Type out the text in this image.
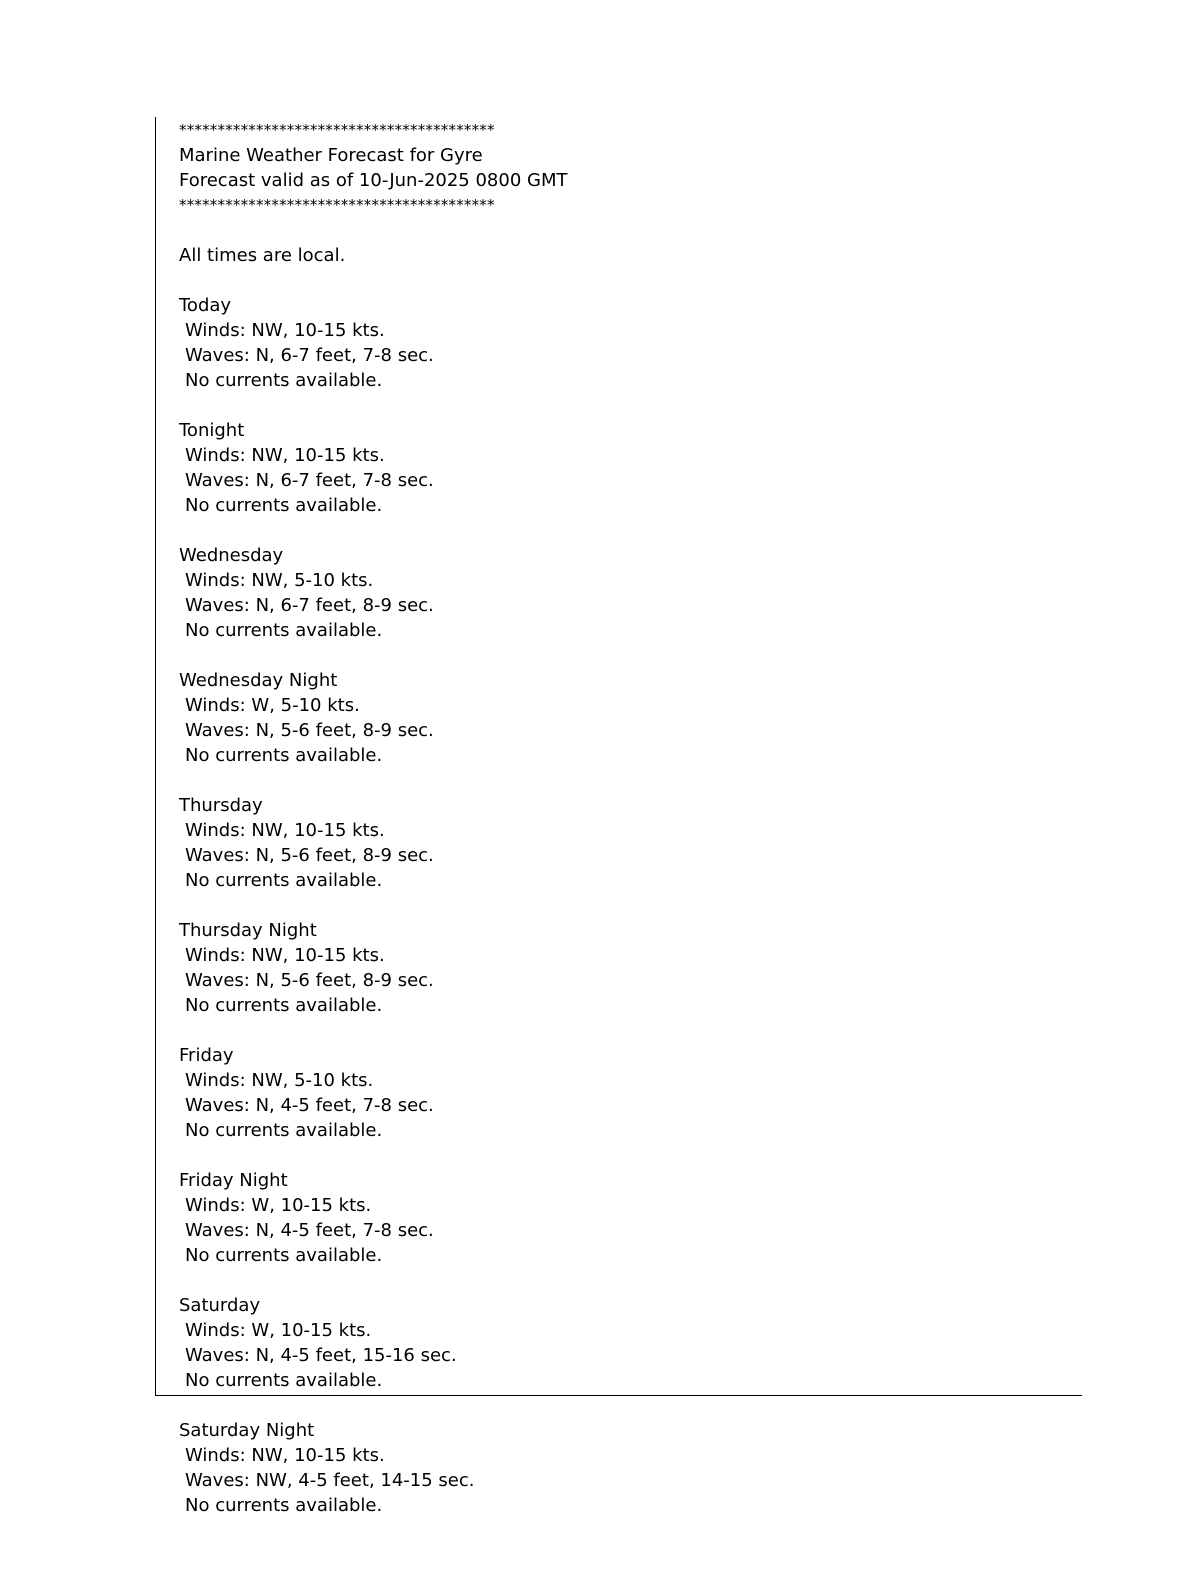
*****************************************
Marine Weather Forecast for Gyre
Forecast valid as of 10-Jun-2025 0800 GMT
*****************************************
All times are local.
Today
Winds: NW, 10-15 kts.
Waves: N, 6-7 feet, 7-8 sec.
No currents available.
Tonight
Winds: NW, 10-15 kts.
Waves: N, 6-7 feet, 7-8 sec.
No currents available.
Wednesday
Winds: NW, 5-10 kts.
Waves: N, 6-7 feet, 8-9 sec.
No currents available.
Wednesday Night
Winds: W, 5-10 kts.
Waves: N, 5-6 feet, 8-9 sec.
No currents available.
Thursday
Winds: NW, 10-15 kts.
Waves: N, 5-6 feet, 8-9 sec.
No currents available.
Thursday Night
Winds: NW, 10-15 kts.
Waves: N, 5-6 feet, 8-9 sec.
No currents available.
Friday
Winds: NW, 5-10 kts.
Waves: N, 4-5 feet, 7-8 sec.
No currents available.
Friday Night
Winds: W, 10-15 kts.
Waves: N, 4-5 feet, 7-8 sec.
No currents available.
Saturday
Winds: W, 10-15 kts.
Waves: N, 4-5 feet, 15-16 sec.
No currents available.
Saturday Night
Winds: NW, 10-15 kts.
Waves: NW, 4-5 feet, 14-15 sec.
No currents available.
